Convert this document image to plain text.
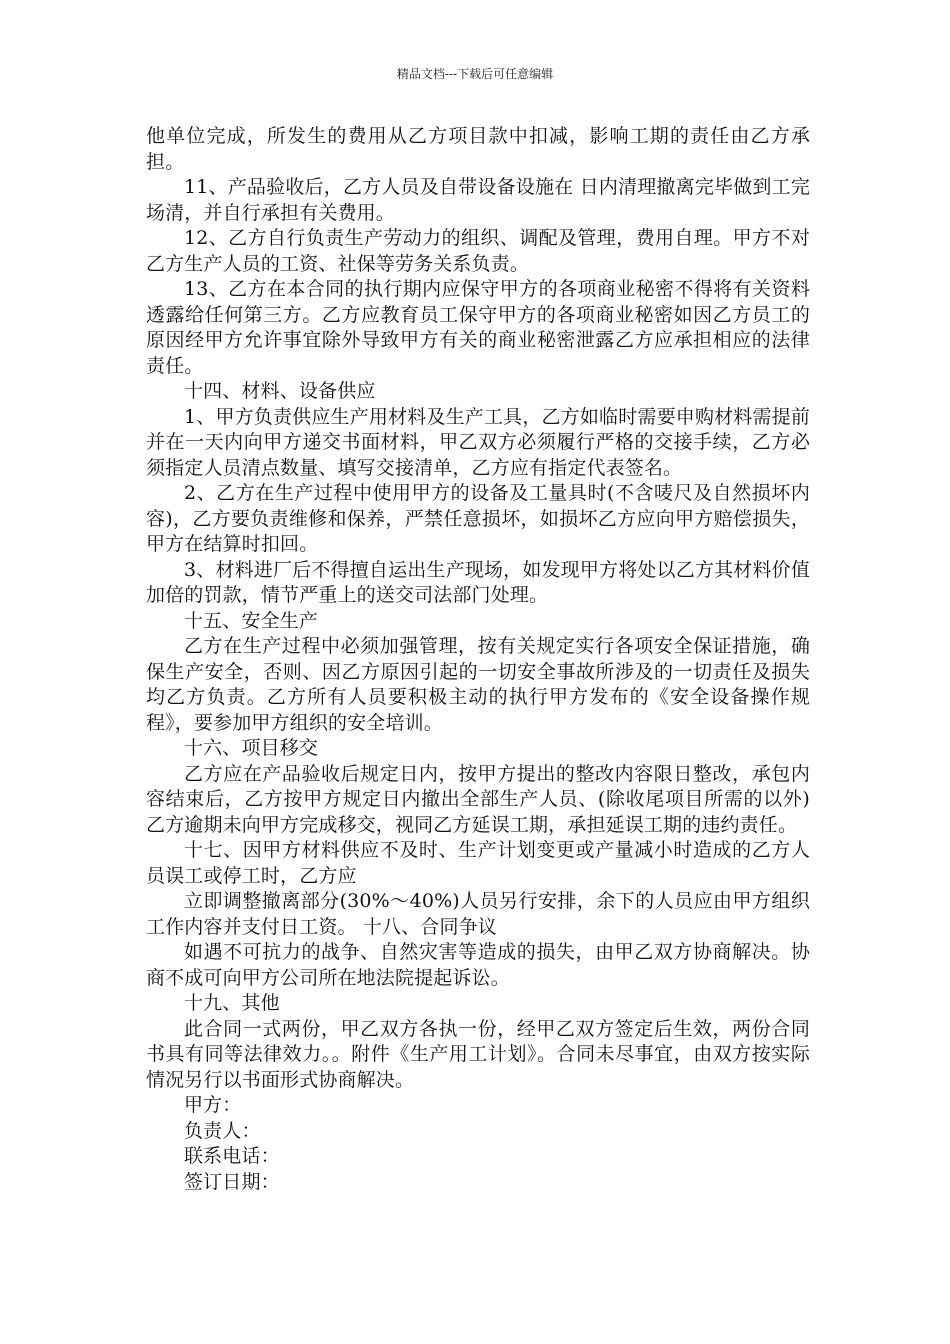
精品文档---下载后可任意编辑

他单位完成，所发生的费用从乙方项目款中扣减，影响工期的责任由乙方承担。

11、产品验收后，乙方人员及自带设备设施在 日内清理撤离完毕做到工完场清，并自行承担有关费用。

12、乙方自行负责生产劳动力的组织、调配及管理，费用自理。甲方不对乙方生产人员的工资、社保等劳务关系负责。

13、乙方在本合同的执行期内应保守甲方的各项商业秘密不得将有关资料透露给任何第三方。乙方应教育员工保守甲方的各项商业秘密如因乙方员工的原因经甲方允许事宜除外导致甲方有关的商业秘密泄露乙方应承担相应的法律责任。

十四、材料、设备供应

1、甲方负责供应生产用材料及生产工具，乙方如临时需要申购材料需提前并在一天内向甲方递交书面材料，甲乙双方必须履行严格的交接手续，乙方必须指定人员清点数量、填写交接清单，乙方应有指定代表签名。

2、乙方在生产过程中使用甲方的设备及工量具时(不含唛尺及自然损坏内容)，乙方要负责维修和保养，严禁任意损坏，如损坏乙方应向甲方赔偿损失，甲方在结算时扣回。

3、材料进厂后不得擅自运出生产现场，如发现甲方将处以乙方其材料价值加倍的罚款，情节严重上的送交司法部门处理。

十五、安全生产

乙方在生产过程中必须加强管理，按有关规定实行各项安全保证措施，确保生产安全，否则、因乙方原因引起的一切安全事故所涉及的一切责任及损失均乙方负责。乙方所有人员要积极主动的执行甲方发布的《安全设备操作规程》，要参加甲方组织的安全培训。

十六、项目移交

乙方应在产品验收后规定日内，按甲方提出的整改内容限日整改，承包内容结束后，乙方按甲方规定日内撤出全部生产人员、(除收尾项目所需的以外)乙方逾期未向甲方完成移交，视同乙方延误工期，承担延误工期的违约责任。

十七、因甲方材料供应不及时、生产计划变更或产量减小时造成的乙方人员误工或停工时，乙方应

立即调整撤离部分(30%～40%)人员另行安排，余下的人员应由甲方组织工作内容并支付日工资。 十八、合同争议

如遇不可抗力的战争、自然灾害等造成的损失，由甲乙双方协商解决。协商不成可向甲方公司所在地法院提起诉讼。

十九、其他

此合同一式两份，甲乙双方各执一份，经甲乙双方签定后生效，两份合同书具有同等法律效力。。附件《生产用工计划》。合同未尽事宜，由双方按实际情况另行以书面形式协商解决。

甲方：

负责人：

联系电话：

签订日期：
